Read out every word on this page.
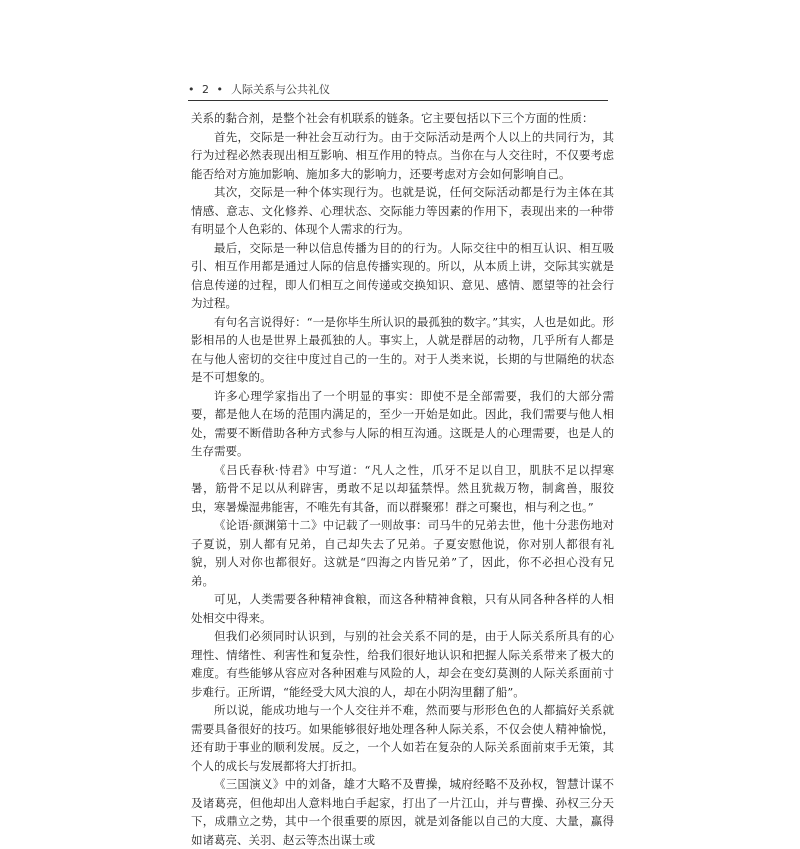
• 2 • 人际关系与公共礼仪

关系的黏合剂，是整个社会有机联系的链条。它主要包括以下三个方面的性质：

首先，交际是一种社会互动行为。由于交际活动是两个人以上的共同行为，其行为过程必然表现出相互影响、相互作用的特点。当你在与人交往时，不仅要考虑能否给对方施加影响、施加多大的影响力，还要考虑对方会如何影响自己。

其次，交际是一种个体实现行为。也就是说，任何交际活动都是行为主体在其情感、意志、文化修养、心理状态、交际能力等因素的作用下，表现出来的一种带有明显个人色彩的、体现个人需求的行为。

最后，交际是一种以信息传播为目的的行为。人际交往中的相互认识、相互吸引、相互作用都是通过人际的信息传播实现的。所以，从本质上讲，交际其实就是信息传递的过程，即人们相互之间传递或交换知识、意见、感情、愿望等的社会行为过程。

有句名言说得好：“一是你毕生所认识的最孤独的数字。”其实，人也是如此。形影相吊的人也是世界上最孤独的人。事实上，人就是群居的动物，几乎所有人都是在与他人密切的交往中度过自己的一生的。对于人类来说，长期的与世隔绝的状态是不可想象的。

许多心理学家指出了一个明显的事实：即使不是全部需要，我们的大部分需要，都是他人在场的范围内满足的，至少一开始是如此。因此，我们需要与他人相处，需要不断借助各种方式参与人际的相互沟通。这既是人的心理需要，也是人的生存需要。

《吕氏春秋·恃君》中写道：“凡人之性，爪牙不足以自卫，肌肤不足以捍寒暑，筋骨不足以从利辟害，勇敢不足以却猛禁悍。然且犹裁万物，制禽兽，服狡虫，寒暑燥湿弗能害，不唯先有其备，而以群聚邪！群之可聚也，相与利之也。”

《论语·颜渊第十二》中记载了一则故事：司马牛的兄弟去世，他十分悲伤地对子夏说，别人都有兄弟，自己却失去了兄弟。子夏安慰他说，你对别人都很有礼貌，别人对你也都很好。这就是“四海之内皆兄弟”了，因此，你不必担心没有兄弟。

可见，人类需要各种精神食粮，而这各种精神食粮，只有从同各种各样的人相处相交中得来。

但我们必须同时认识到，与别的社会关系不同的是，由于人际关系所具有的心理性、情绪性、利害性和复杂性，给我们很好地认识和把握人际关系带来了极大的难度。有些能够从容应对各种困难与风险的人，却会在变幻莫测的人际关系面前寸步难行。正所谓，“能经受大风大浪的人，却在小阴沟里翻了船”。

所以说，能成功地与一个人交往并不难，然而要与形形色色的人都搞好关系就需要具备很好的技巧。如果能够很好地处理各种人际关系，不仅会使人精神愉悦，还有助于事业的顺利发展。反之，一个人如若在复杂的人际关系面前束手无策，其个人的成长与发展都将大打折扣。

《三国演义》中的刘备，雄才大略不及曹操，城府经略不及孙权，智慧计谋不及诸葛亮，但他却出人意料地白手起家，打出了一片江山，并与曹操、孙权三分天下，成鼎立之势，其中一个很重要的原因，就是刘备能以自己的大度、大量，赢得如诸葛亮、关羽、赵云等杰出谋士或
